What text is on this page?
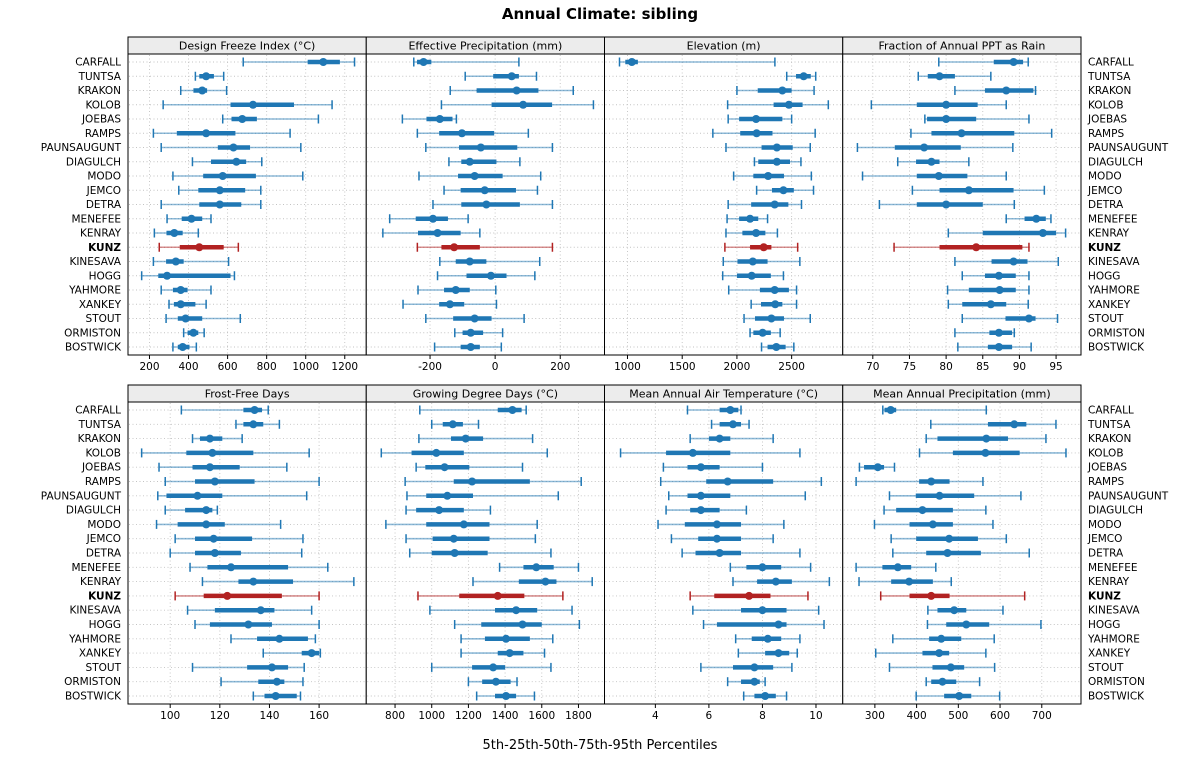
Annual Climate: sibling
CARFALL
TUNTSA
KRAKON
KOLOB
JOEBAS
RAMPS
PAUNSAUGUNT
DIAGULCH
MODO
JEMCO
DETRA
MENEFEE
KENRAY
KUNZ
KINESAVA
HOGG
YAHMORE
XANKEY
STOUT
ORMISTON
BOSTWICK
CARFALL
TUNTSA
KRAKON
KOLOB
JOEBAS
RAMPS
PAUNSAUGUNT
DIAGULCH
MODO
JEMCO
DETRA
MENEFEE
KENRAY
KUNZ
KINESAVA
HOGG
YAHMORE
XANKEY
STOUT
ORMISTON
BOSTWICK
CARFALL
TUNTSA
KRAKON
KOLOB
JOEBAS
RAMPS
PAUNSAUGUNT
DIAGULCH
MODO
JEMCO
DETRA
MENEFEE
KENRAY
KUNZ
KINESAVA
HOGG
YAHMORE
XANKEY
STOUT
ORMISTON
BOSTWICK
CARFALL
TUNTSA
KRAKON
KOLOB
JOEBAS
RAMPS
PAUNSAUGUNT
DIAGULCH
MODO
JEMCO
DETRA
MENEFEE
KENRAY
KUNZ
KINESAVA
HOGG
YAHMORE
XANKEY
STOUT
ORMISTON
BOSTWICK
200 400 600 800 1000 1200
Design Freeze Index (°C)
-200	0	200
Effective Precipitation (mm)
1000	1500	2000	2500
Elevation (m)
70 75 80 85 90 95
Fraction of Annual PPT as Rain
100	120	140	160
Frost-Free Days
800 1000 1200 1400 1600 1800
Growing Degree Days (°C)
4	6	8	10
Mean Annual Air Temperature (°C)
300 400 500 600 700
Mean Annual Precipitation (mm)
5th-25th-50th-75th-95th Percentiles
